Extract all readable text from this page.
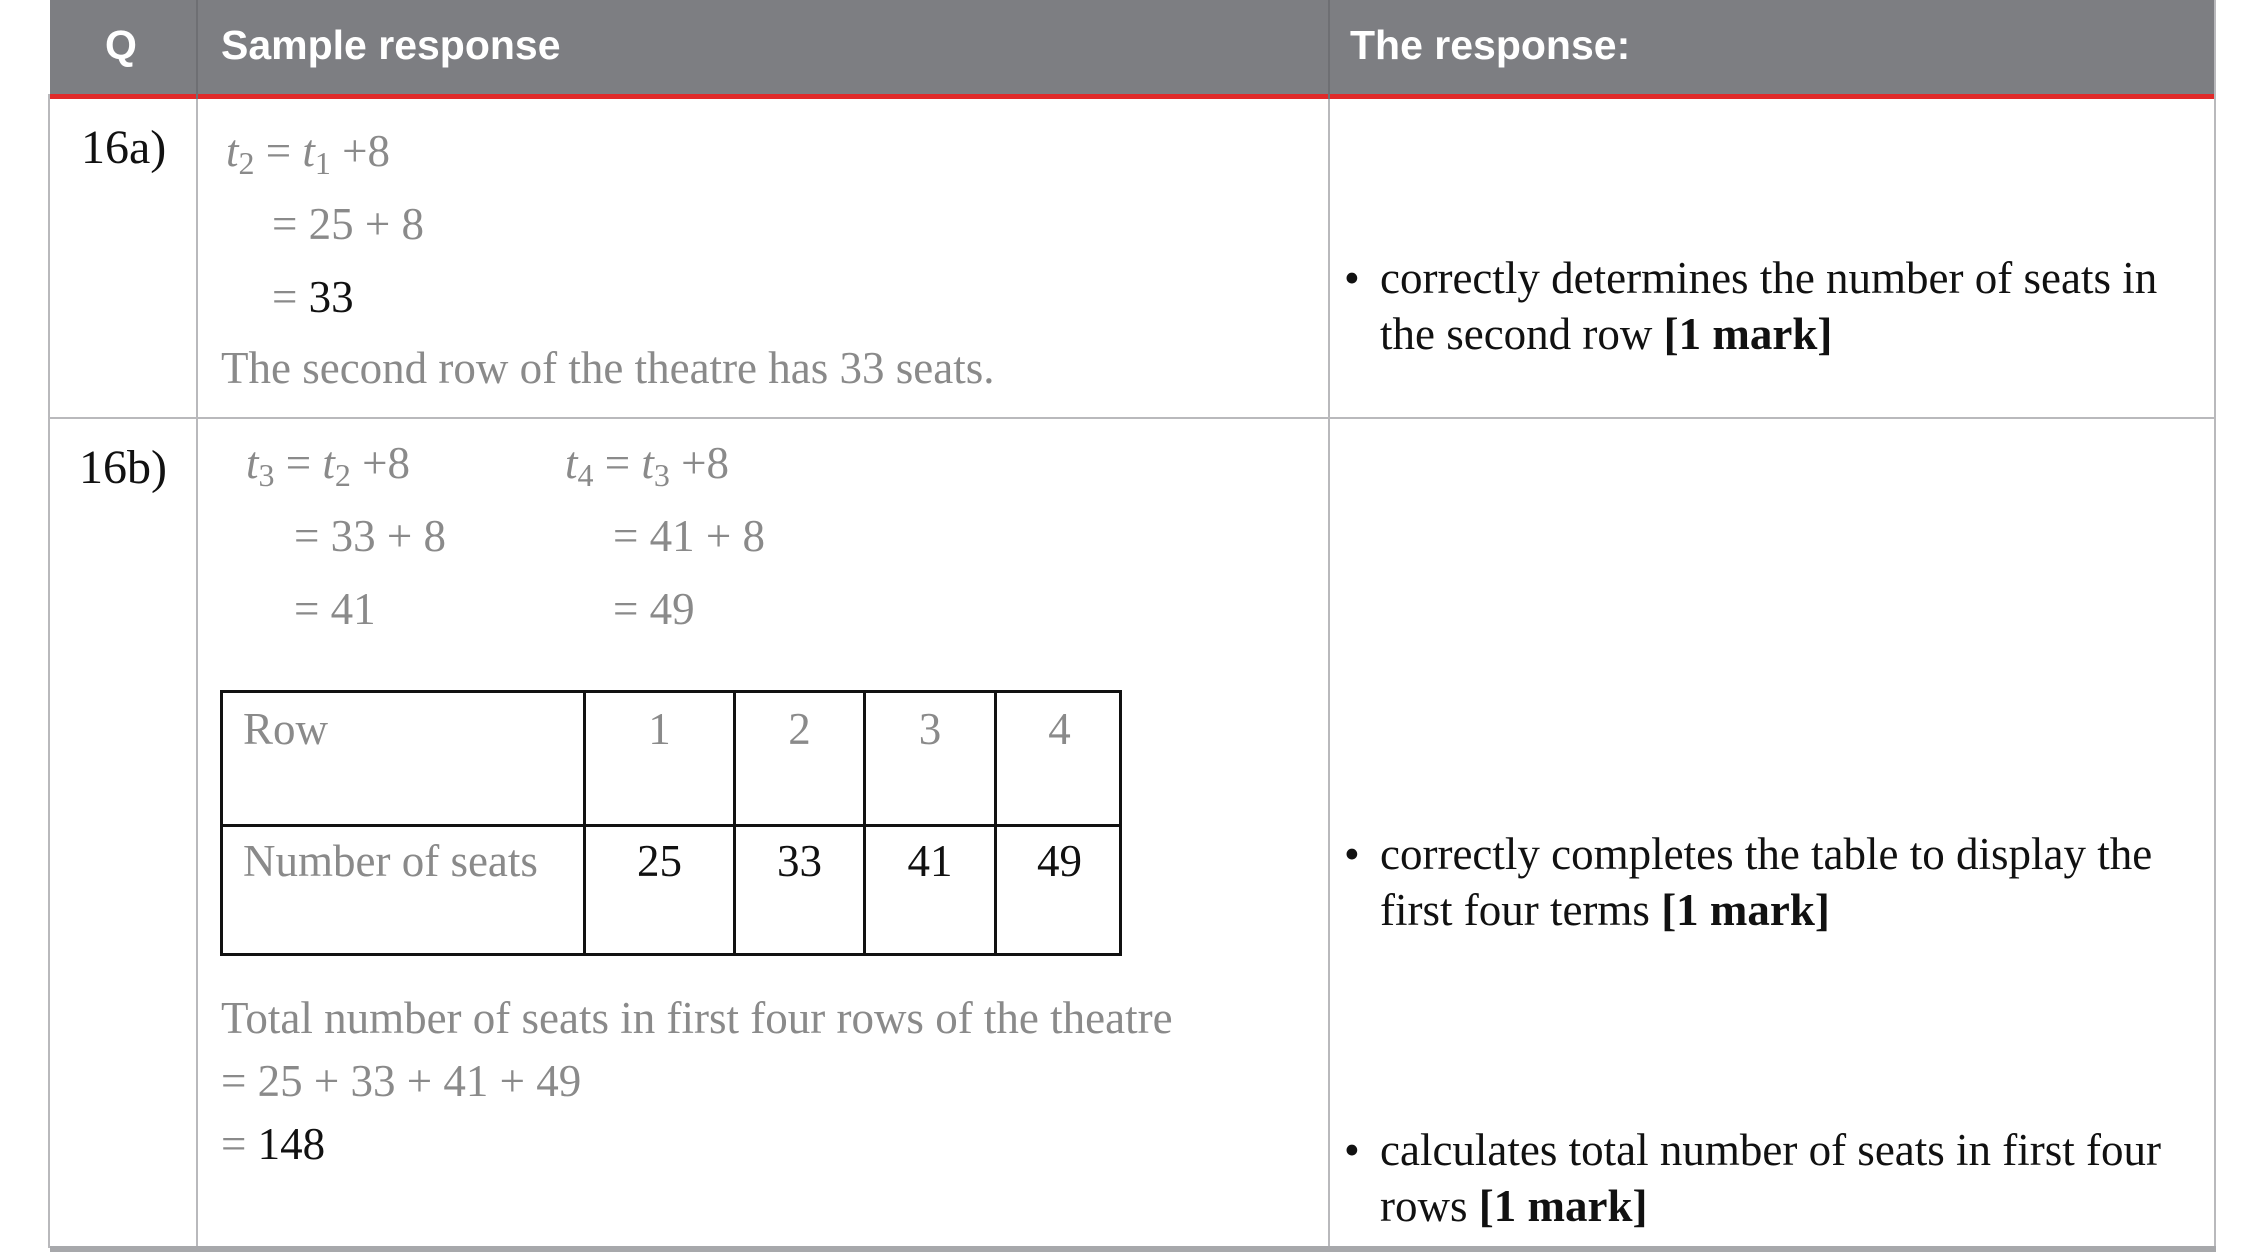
Q Sample response	The response:
16a) $t_2 = t_1 +8$
= 25 + 8
= 33
The second row of the theatre has 33 seats.
• correctly determines the number of seats in the second row [1 mark]
16b) $t_3 = t_2 +8$
= 33 + 8
= 41
$t_4 = t_3 +8$
= 41 + 8
= 49
Row	1	2	3	4
Number of seats	25	33	41	49
Total number of seats in first four rows of the theatre
= 25 + 33 + 41 + 49
= 148
• correctly completes the table to display the first four terms [1 mark]
• calculates total number of seats in first four rows [1 mark]
